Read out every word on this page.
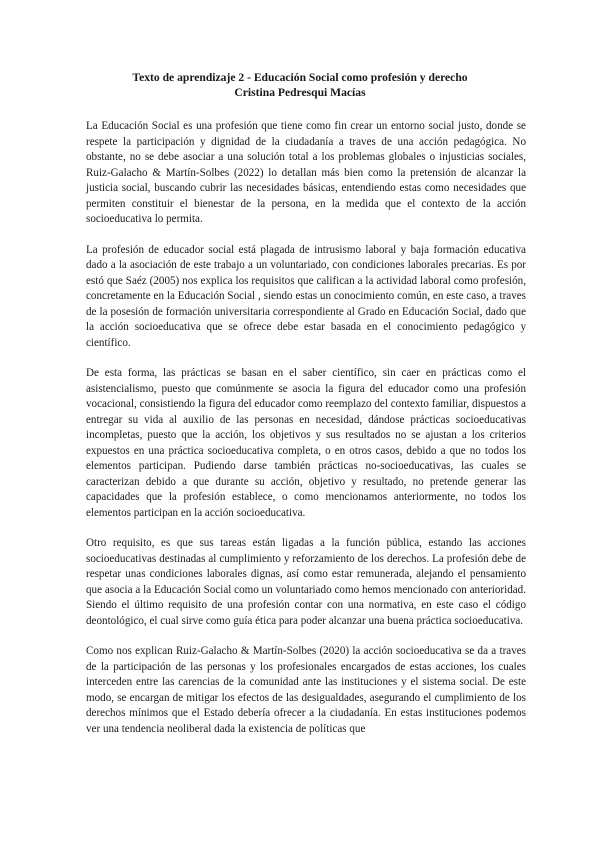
Texto de aprendizaje 2 - Educación Social como profesión y derecho
Cristina Pedresqui Macías

La Educación Social es una profesión que tiene como fin crear un entorno social justo, donde se respete la participación y dignidad de la ciudadanía a traves de una acción pedagógica. No obstante, no se debe asociar a una solución total a los problemas globales o injusticias sociales, Ruiz-Galacho & Martín-Solbes (2022) lo detallan más bien como la pretensión de alcanzar la justicia social, buscando cubrir las necesidades básicas, entendiendo estas como necesidades que permiten constituir el bienestar de la persona, en la medida que el contexto de la acción socioeducativa lo permita.

La profesión de educador social está plagada de intrusismo laboral y baja formación educativa dado a la asociación de este trabajo a un voluntariado, con condiciones laborales precarias. Es por estó que Saéz (2005) nos explica los requisitos que califican a la actividad laboral como profesión, concretamente en la Educación Social , siendo estas un conocimiento común, en este caso, a traves de la posesión de formación universitaria correspondiente al Grado en Educación Social, dado que la acción socioeducativa que se ofrece debe estar basada en el conocimiento pedagógico y científico.

De esta forma, las prácticas se basan en el saber científico, sin caer en prácticas como el asistencialismo, puesto que comúnmente se asocia la figura del educador como una profesión vocacional, consistiendo la figura del educador como reemplazo del contexto familiar, dispuestos a entregar su vida al auxilio de las personas en necesidad, dándose prácticas socioeducativas incompletas, puesto que la acción, los objetivos y sus resultados no se ajustan a los criterios expuestos en una práctica socioeducativa completa, o en otros casos, debido a que no todos los elementos participan. Pudiendo darse también prácticas no-socioeducativas, las cuales se caracterizan debido a que durante su acción, objetivo y resultado, no pretende generar las capacidades que la profesión establece, o como mencionamos anteriormente, no todos los elementos participan en la acción socioeducativa.

Otro requisito, es que sus tareas están ligadas a la función pública, estando las acciones socioeducativas destinadas al cumplimiento y reforzamiento de los derechos. La profesión debe de respetar unas condiciones laborales dignas, así como estar remunerada, alejando el pensamiento que asocia a la Educación Social como un voluntariado como hemos mencionado con anterioridad. Siendo el último requisito de una profesión contar con una normativa, en este caso el código deontológico, el cual sirve como guía ética para poder alcanzar una buena práctica socioeducativa.

Como nos explican Ruiz-Galacho & Martín-Solbes (2020) la acción socioeducativa se da a traves de la participación de las personas y los profesionales encargados de estas acciones, los cuales interceden entre las carencias de la comunidad ante las instituciones y el sistema social. De este modo, se encargan de mitigar los efectos de las desigualdades, asegurando el cumplimiento de los derechos mínimos que el Estado debería ofrecer a la ciudadanía. En estas instituciones podemos ver una tendencia neoliberal dada la existencia de políticas que
